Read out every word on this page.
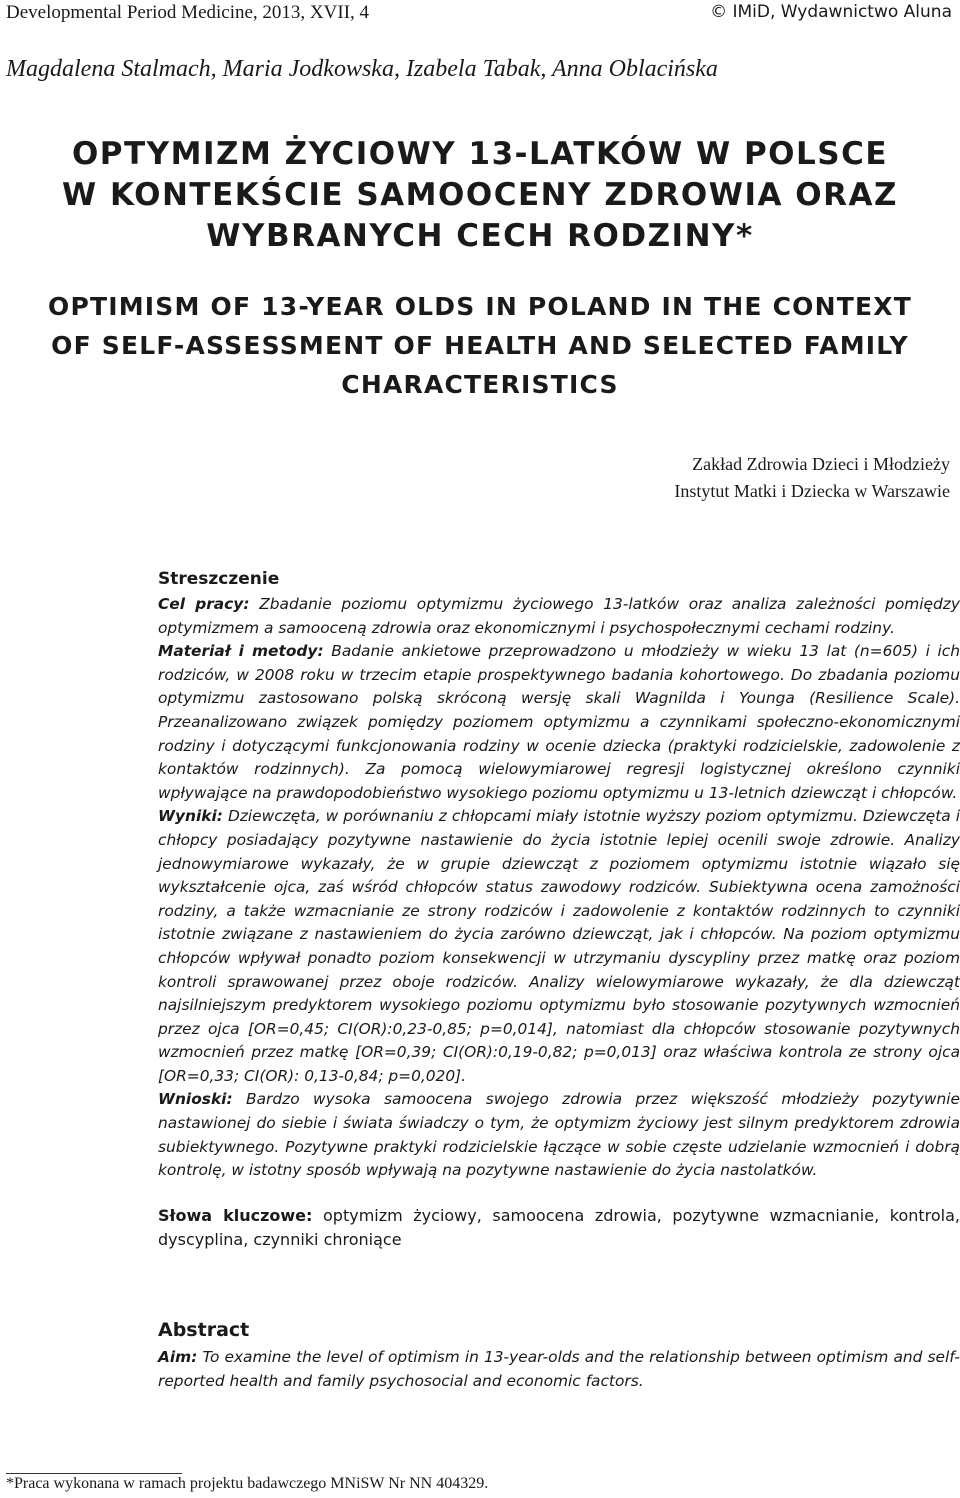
Developmental Period Medicine, 2013, XVII, 4	© IMiD, Wydawnictwo Aluna
Magdalena Stalmach, Maria Jodkowska, Izabela Tabak, Anna Oblacińska
OPTYMIZM ŻYCIOWY 13-LATKÓW W POLSCE
W KONTEKŚCIE SAMOOCENY ZDROWIA ORAZ
WYBRANYCH CECH RODZINY*
OPTIMISM OF 13-YEAR OLDS IN POLAND IN THE CONTEXT
OF SELF-ASSESSMENT OF HEALTH AND SELECTED FAMILY
CHARACTERISTICS
Zakład Zdrowia Dzieci i Młodzieży
Instytut Matki i Dziecka w Warszawie
Streszczenie
Cel pracy: Zbadanie poziomu optymizmu życiowego 13-latków oraz analiza zależności pomiędzy optymizmem a samooceną zdrowia oraz ekonomicznymi i psychospołecznymi cechami rodziny.
Materiał i metody: Badanie ankietowe przeprowadzono u młodzieży w wieku 13 lat (n=605) i ich rodziców, w 2008 roku w trzecim etapie prospektywnego badania kohortowego. Do zbadania poziomu optymizmu zastosowano polską skróconą wersję skali Wagnilda i Younga (Resilience Scale). Przeanalizowano związek pomiędzy poziomem optymizmu a czynnikami społeczno-ekonomicznymi rodziny i dotyczącymi funkcjonowania rodziny w ocenie dziecka (praktyki rodzicielskie, zadowolenie z kontaktów rodzinnych). Za pomocą wielowymiarowej regresji logistycznej określono czynniki wpływające na prawdopodobieństwo wysokiego poziomu optymizmu u 13-letnich dziewcząt i chłopców.
Wyniki: Dziewczęta, w porównaniu z chłopcami miały istotnie wyższy poziom optymizmu. Dziewczęta i chłopcy posiadający pozytywne nastawienie do życia istotnie lepiej ocenili swoje zdrowie. Analizy jednowymiarowe wykazały, że w grupie dziewcząt z poziomem optymizmu istotnie wiązało się wykształcenie ojca, zaś wśród chłopców status zawodowy rodziców. Subiektywna ocena zamożności rodziny, a także wzmacnianie ze strony rodziców i zadowolenie z kontaktów rodzinnych to czynniki istotnie związane z nastawieniem do życia zarówno dziewcząt, jak i chłopców. Na poziom optymizmu chłopców wpływał ponadto poziom konsekwencji w utrzymaniu dyscypliny przez matkę oraz poziom kontroli sprawowanej przez oboje rodziców. Analizy wielowymiarowe wykazały, że dla dziewcząt najsilniejszym predyktorem wysokiego poziomu optymizmu było stosowanie pozytywnych wzmocnień przez ojca [OR=0,45; CI(OR):0,23-0,85; p=0,014], natomiast dla chłopców stosowanie pozytywnych wzmocnień przez matkę [OR=0,39; CI(OR):0,19-0,82; p=0,013] oraz właściwa kontrola ze strony ojca [OR=0,33; CI(OR): 0,13-0,84; p=0,020].
Wnioski: Bardzo wysoka samoocena swojego zdrowia przez większość młodzieży pozytywnie nastawionej do siebie i świata świadczy o tym, że optymizm życiowy jest silnym predyktorem zdrowia subiektywnego. Pozytywne praktyki rodzicielskie łączące w sobie częste udzielanie wzmocnień i dobrą kontrolę, w istotny sposób wpływają na pozytywne nastawienie do życia nastolatków.
Słowa kluczowe: optymizm życiowy, samoocena zdrowia, pozytywne wzmacnianie, kontrola, dyscyplina, czynniki chroniące
Abstract
Aim: To examine the level of optimism in 13-year-olds and the relationship between optimism and self-reported health and family psychosocial and economic factors.
*Praca wykonana w ramach projektu badawczego MNiSW Nr NN 404329.
